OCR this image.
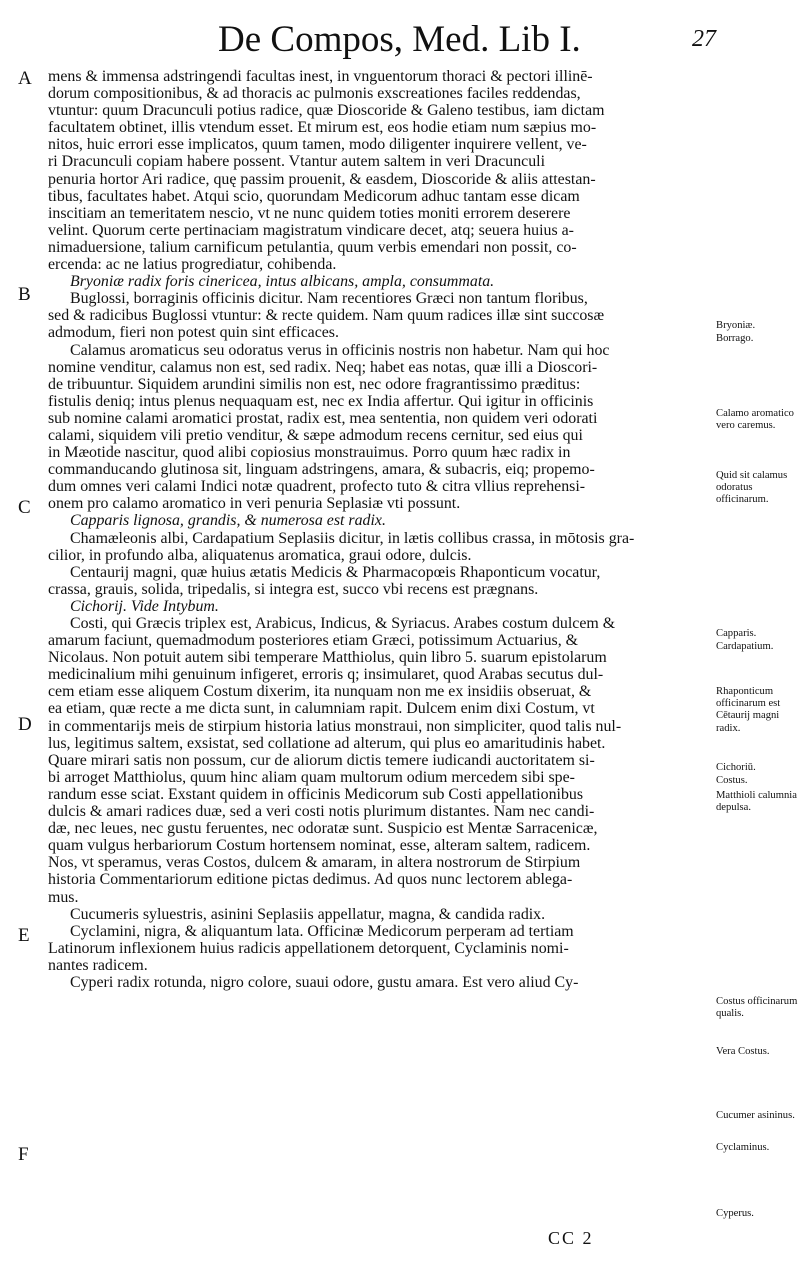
De Compos, Med. Lib I.	27
A
B
C
D
E
F
mens & immensa adstringendi facultas inest, in vnguentorum thoraci & pectori illinē-
dorum compositionibus, & ad thoracis ac pulmonis exscreationes faciles reddendas,
vtuntur: quum Dracunculi potius radice, quæ Dioscoride & Galeno testibus, iam dictam
facultatem obtinet, illis vtendum esset. Et mirum est, eos hodie etiam num sæpius mo-
nitos, huic errori esse implicatos, quum tamen, modo diligenter inquirere vellent, ve-
ri Dracunculi copiam habere possent. Vtantur autem saltem in veri Dracunculi
penuria hortor Ari radice, quę passim prouenit, & easdem, Dioscoride & aliis attestan-
tibus, facultates habet. Atqui scio, quorundam Medicorum adhuc tantam esse dicam
inscitiam an temeritatem nescio, vt ne nunc quidem toties moniti errorem deserere
velint. Quorum certe pertinaciam magistratum vindicare decet, atq; seuera huius a-
nimaduersione, talium carnificum petulantia, quum verbis emendari non possit, co-
ercenda: ac ne latius progrediatur, cohibenda.
Bryoniæ radix foris cinericea, intus albicans, ampla, consummata.
Buglossi, borraginis officinis dicitur. Nam recentiores Græci non tantum floribus,
sed & radicibus Buglossi vtuntur: & recte quidem. Nam quum radices illæ sint succosæ
admodum, fieri non potest quin sint efficaces.
Calamus aromaticus seu odoratus verus in officinis nostris non habetur. Nam qui hoc
nomine venditur, calamus non est, sed radix. Neq; habet eas notas, quæ illi a Dioscori-
de tribuuntur. Siquidem arundini similis non est, nec odore fragrantissimo præditus:
fistulis deniq; intus plenus nequaquam est, nec ex India affertur. Qui igitur in officinis
sub nomine calami aromatici prostat, radix est, mea sententia, non quidem veri odorati
calami, siquidem vili pretio venditur, & sæpe admodum recens cernitur, sed eius qui
in Mæotide nascitur, quod alibi copiosius monstrauimus. Porro quum hæc radix in
commanducando glutinosa sit, linguam adstringens, amara, & subacris, eiq; propemo-
dum omnes veri calami Indici notæ quadrent, profecto tuto & citra vllius reprehensi-
onem pro calamo aromatico in veri penuria Seplasiæ vti possunt.
Capparis lignosa, grandis, & numerosa est radix.
Chamæleonis albi, Cardapatium Seplasiis dicitur, in lætis collibus crassa, in mōtosis gra-
cilior, in profundo alba, aliquatenus aromatica, graui odore, dulcis.
Centaurij magni, quæ huius ætatis Medicis & Pharmacopœis Rhaponticum vocatur,
crassa, grauis, solida, tripedalis, si integra est, succo vbi recens est prægnans.
Cichorij. Vide Intybum.
Costi, qui Græcis triplex est, Arabicus, Indicus, & Syriacus. Arabes costum dulcem &
amarum faciunt, quemadmodum posteriores etiam Græci, potissimum Actuarius, &
Nicolaus. Non potuit autem sibi temperare Matthiolus, quin libro 5. suarum epistolarum
medicinalium mihi genuinum infigeret, erroris q; insimularet, quod Arabas secutus dul-
cem etiam esse aliquem Costum dixerim, ita nunquam non me ex insidiis obseruat, &
ea etiam, quæ recte a me dicta sunt, in calumniam rapit. Dulcem enim dixi Costum, vt
in commentarijs meis de stirpium historia latius monstraui, non simpliciter, quod talis nul-
lus, legitimus saltem, exsistat, sed collatione ad alterum, qui plus eo amaritudinis habet.
Quare mirari satis non possum, cur de aliorum dictis temere iudicandi auctoritatem si-
bi arroget Matthiolus, quum hinc aliam quam multorum odium mercedem sibi spe-
randum esse sciat. Exstant quidem in officinis Medicorum sub Costi appellationibus
dulcis & amari radices duæ, sed a veri costi notis plurimum distantes. Nam nec candi-
dæ, nec leues, nec gustu feruentes, nec odoratæ sunt. Suspicio est Mentæ Sarracenicæ,
quam vulgus herbariorum Costum hortensem nominat, esse, alteram saltem, radicem.
Nos, vt speramus, veras Costos, dulcem & amaram, in altera nostrorum de Stirpium
historia Commentariorum editione pictas dedimus. Ad quos nunc lectorem ablega-
mus.
Cucumeris syluestris, asinini Seplasiis appellatur, magna, & candida radix.
Cyclamini, nigra, & aliquantum lata. Officinæ Medicorum perperam ad tertiam
Latinorum inflexionem huius radicis appellationem detorquent, Cyclaminis nomi-
nantes radicem.
Cyperi radix rotunda, nigro colore, suaui odore, gustu amara. Est vero aliud Cy-
Bryoniæ.
Borrago.
Calamo aromatico vero caremus.
Quid sit calamus odoratus officinarum.
Capparis.
Cardapatium.
Rhaponticum officinarum est Cētaurij magni radix.
Cichoriū.
Costus.
Matthioli calumnia depulsa.
Costus officinarum qualis.
Vera Costus.
Cucumer asininus.
Cyclaminus.
Cyperus.
CC 2
